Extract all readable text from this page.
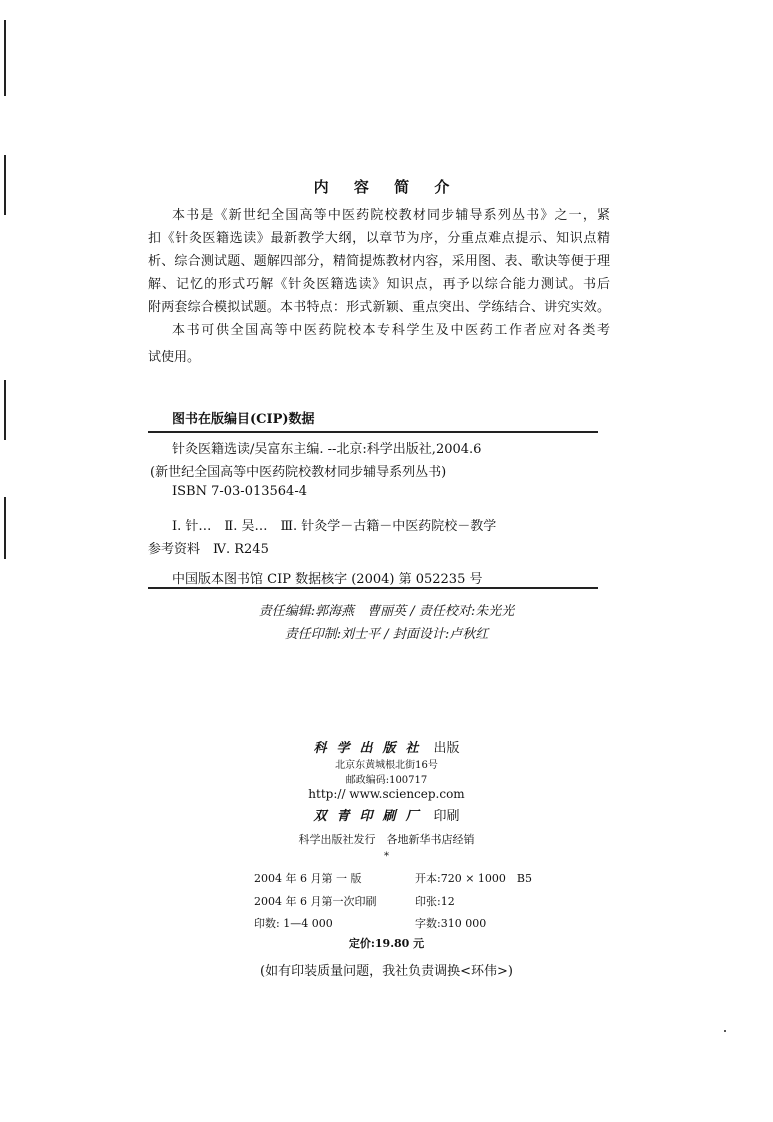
内 容 简 介
本书是《新世纪全国高等中医药院校教材同步辅导系列丛书》之一，紧
扣《针灸医籍选读》最新教学大纲，以章节为序，分重点难点提示、知识点精
析、综合测试题、题解四部分，精简提炼教材内容，采用图、表、歌诀等便于理
解、记忆的形式巧解《针灸医籍选读》知识点，再予以综合能力测试。书后
附两套综合模拟试题。本书特点：形式新颖、重点突出、学练结合、讲究实效。
本书可供全国高等中医药院校本专科学生及中医药工作者应对各类考
试使用。
图书在版编目(CIP)数据
针灸医籍选读/吴富东主编. --北京:科学出版社,2004.6
(新世纪全国高等中医药院校教材同步辅导系列丛书)
ISBN 7-03-013564-4
Ⅰ. 针…　Ⅱ. 吴…　Ⅲ. 针灸学－古籍－中医药院校－教学
参考资料　Ⅳ. R245
中国版本图书馆 CIP 数据核字 (2004) 第 052235 号
责任编辑:郭海燕　曹丽英 / 责任校对:朱光光
责任印制:刘士平 / 封面设计:卢秋红
科学出版社 出版
北京东黄城根北街16号
邮政编码:100717
http:// www.sciencep.com
双青印刷厂 印刷
科学出版社发行　各地新华书店经销
*
2004 年 6 月第 一 版	开本:720 × 1000　B5
2004 年 6 月第一次印刷	印张:12
印数: 1—4 000	字数:310 000
定价:19.80 元
(如有印装质量问题，我社负责调换<环伟>)
